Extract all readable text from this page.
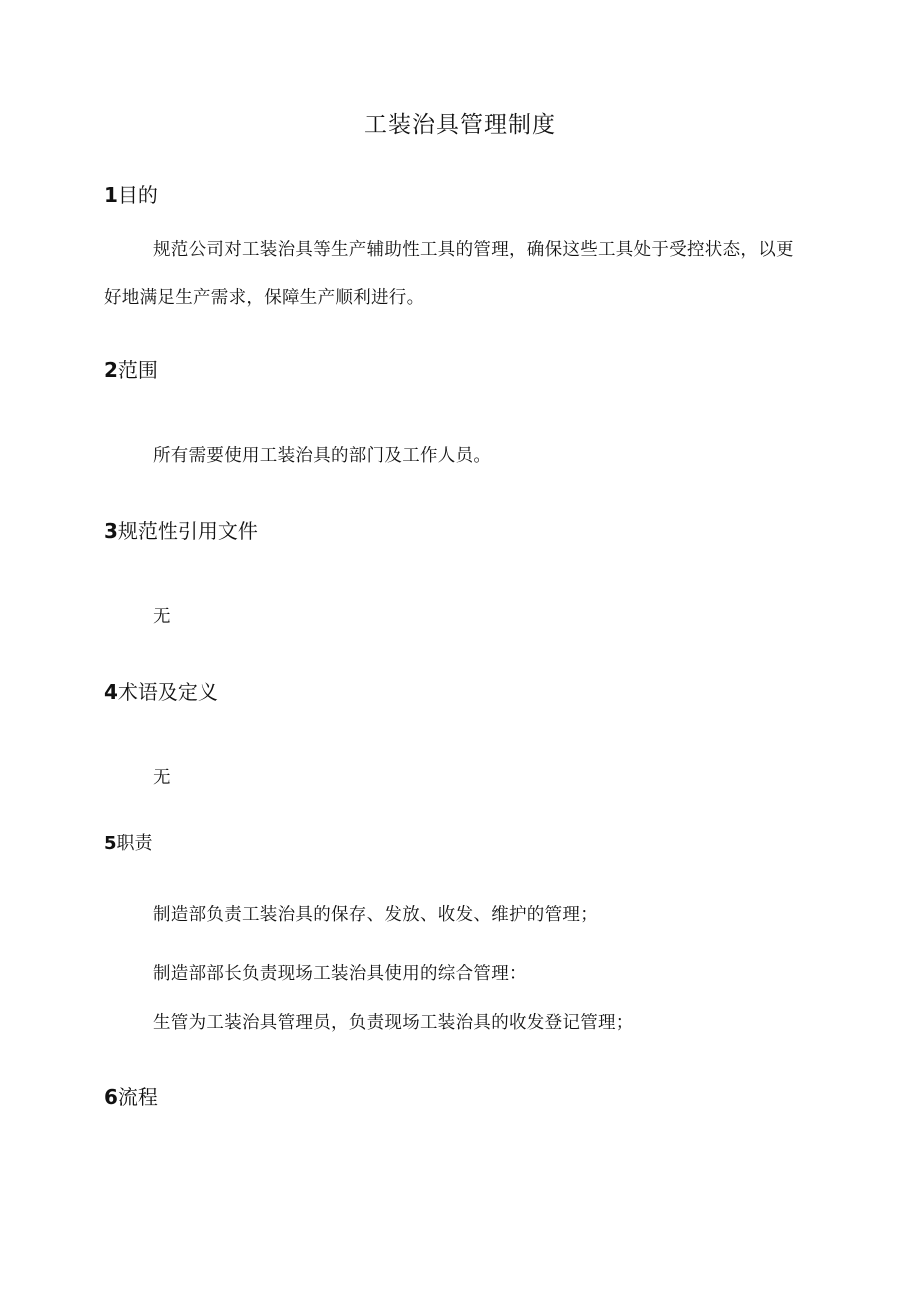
工装治具管理制度
1目的
规范公司对工装治具等生产辅助性工具的管理，确保这些工具处于受控状态，以更好地满足生产需求，保障生产顺利进行。
2范围
所有需要使用工装治具的部门及工作人员。
3规范性引用文件
无
4术语及定义
无
5职责
制造部负责工装治具的保存、发放、收发、维护的管理；
制造部部长负责现场工装治具使用的综合管理：
生管为工装治具管理员，负责现场工装治具的收发登记管理；
6流程
